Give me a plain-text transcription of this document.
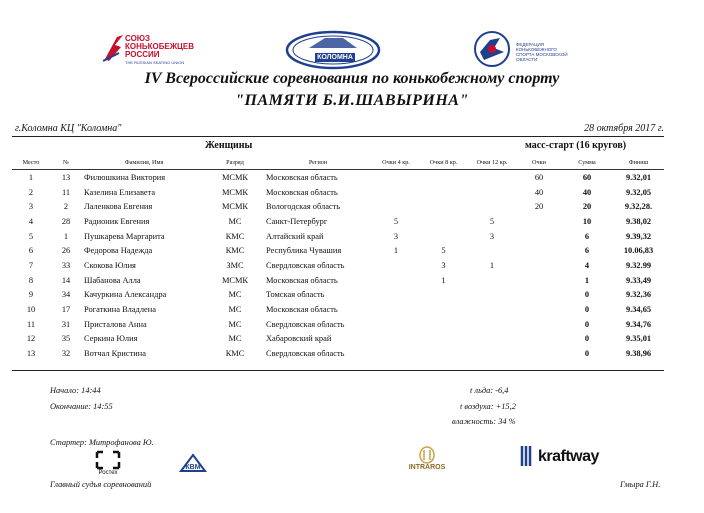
СОЮЗ
КОНЬКОБЕЖЦЕВ
РОССИИ
THE RUSSIAN SKATING UNION
КОЛОМНА
ФЕДЕРАЦИЯ КОНЬКОБЕЖНОГО СПОРТА МОСКОВСКОЙ ОБЛАСТИ
IV Всероссийские соревнования по конькобежному спорту
"ПАМЯТИ Б.И.ШАВЫРИНА"
г.Коломна КЦ "Коломна"	28 октября 2017 г.
Женщины	масс-старт (16 кругов)
Место	№	Фамилия, Имя	Разряд	Регион	Очки 4 кр.	Очки 8 кр.	Очки 12 кр.	Очки	Сумма	Финиш
1	13	Филюшкина Виктория	МСМК	Московская область				60	60	9.32,01
2	11	Казелина Елизавета	МСМК	Московская область				40	40	9.32,05
3	2	Лаленкова Евгения	МСМК	Вологодская область				20	20	9.32,28.
4	28	Радионик Евгения	МС	Санкт-Петербург	5		5		10	9.38,02
5	1	Пушкарева Маргарита	КМС	Алтайский край	3		3		6	9.39,32
6	26	Федорова Надежда	КМС	Республика Чувашия	1	5			6	10.06,83
7	33	Скокова Юлия	ЗМС	Свердловская область		3	1		4	9.32.99
8	14	Шабанова Алла	МСМК	Московская область		1			1	9.33,49
9	34	Качуркина Александра	МС	Томская область					0	9.32,36
10	17	Рогаткина Владлена	МС	Московская область					0	9.34,65
11	31	Присталова Анна	МС	Свердловская область					0	9.34,76
12	35	Серкина Юлия	МС	Хабаровский край					0	9.35,01
13	32	Вотчал Кристина	КМС	Свердловская область					0	9.38,96
Начало: 14:44
Окончание: 14:55
t льда: -6,4
t воздуха: +15,2
влажность: 34 %
Стартер: Митрофанова Ю.
Ростех
КВМ	INTRAROS
kraftway
Главный судья соревнований	Гмыра Г.Н.
